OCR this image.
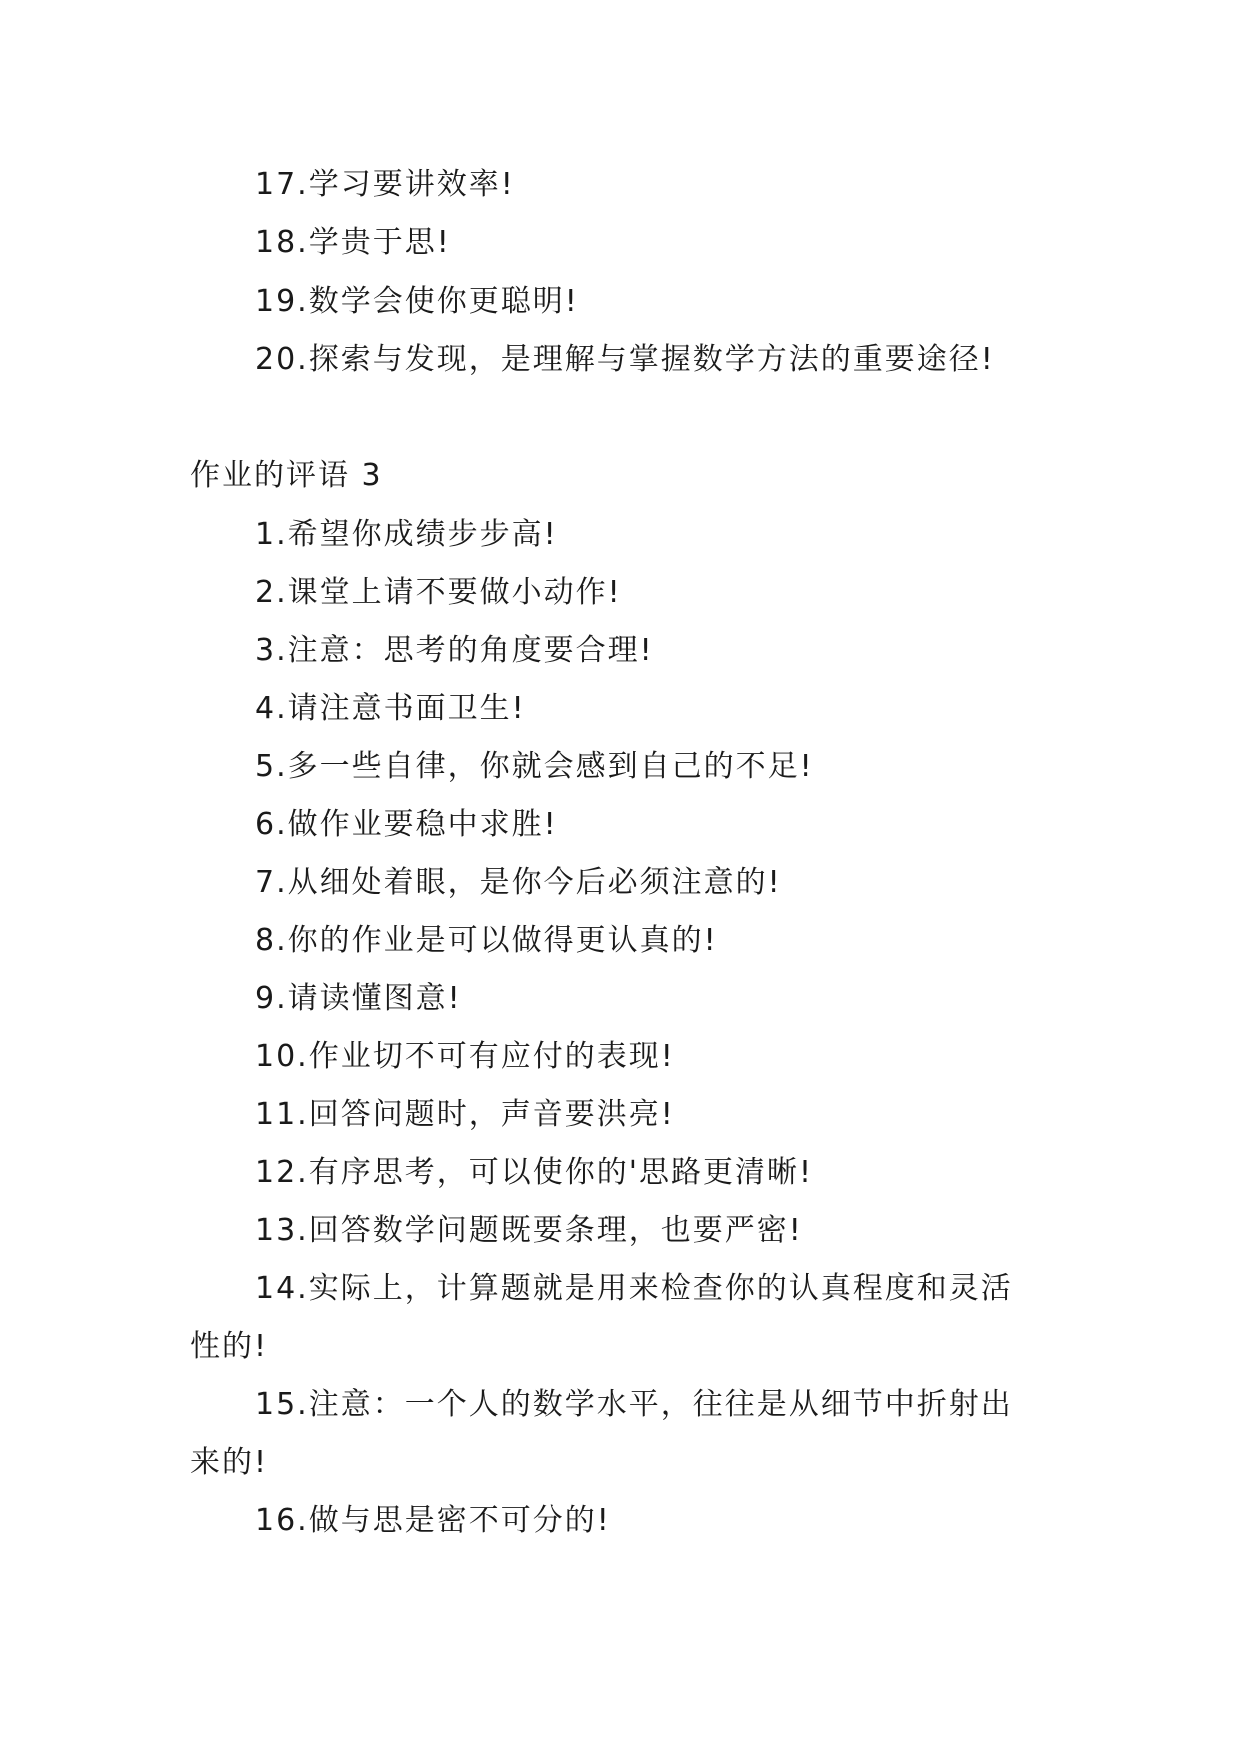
17.学习要讲效率!
18.学贵于思!
19.数学会使你更聪明!
20.探索与发现，是理解与掌握数学方法的重要途径!
作业的评语 3
1.希望你成绩步步高!
2.课堂上请不要做小动作!
3.注意：思考的角度要合理!
4.请注意书面卫生!
5.多一些自律，你就会感到自己的不足!
6.做作业要稳中求胜!
7.从细处着眼，是你今后必须注意的!
8.你的作业是可以做得更认真的!
9.请读懂图意!
10.作业切不可有应付的表现!
11.回答问题时，声音要洪亮!
12.有序思考，可以使你的'思路更清晰!
13.回答数学问题既要条理，也要严密!
14.实际上，计算题就是用来检查你的认真程度和灵活
性的!
15.注意：一个人的数学水平，往往是从细节中折射出
来的!
16.做与思是密不可分的!
